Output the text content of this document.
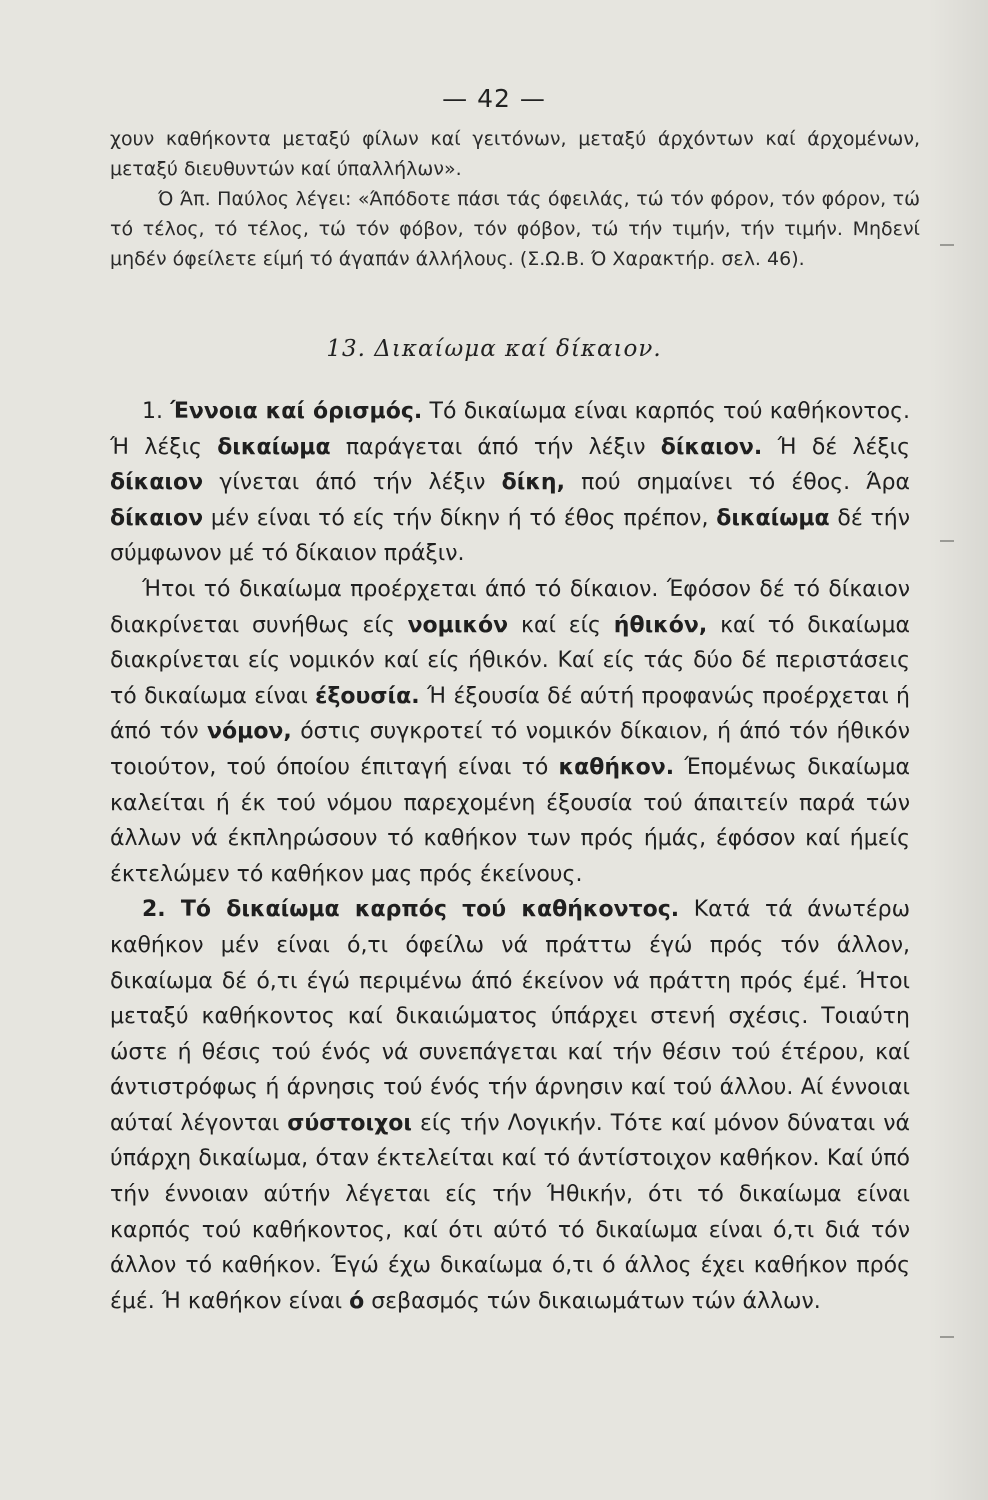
— 42 —

χουν καθήκοντα μεταξύ φίλων καί γειτόνων, μεταξύ άρχόντων καί άρχομένων, μεταξύ διευθυντών καί ύπαλλήλων».

Ό Άπ. Παύλος λέγει: «Άπόδοτε πάσι τάς όφειλάς, τώ τόν φόρον, τόν φόρον, τώ τό τέλος, τό τέλος, τώ τόν φόβον, τόν φόβον, τώ τήν τιμήν, τήν τιμήν. Μηδενί μηδέν όφείλετε είμή τό άγαπάν άλλήλους. (Σ.Ω.Β. Ό Χαρακτήρ. σελ. 46).

13. Δικαίωμα καί δίκαιον.

1. Έννοια καί όρισμός. Τό δικαίωμα είναι καρπός τού καθήκοντος. Ή λέξις δικαίωμα παράγεται άπό τήν λέξιν δίκαιον. Ή δέ λέξις δίκαιον γίνεται άπό τήν λέξιν δίκη, πού σημαίνει τό έθος. Άρα δίκαιον μέν είναι τό είς τήν δίκην ή τό έθος πρέπον, δικαίωμα δέ τήν σύμφωνον μέ τό δίκαιον πράξιν.

Ήτοι τό δικαίωμα προέρχεται άπό τό δίκαιον. Έφόσον δέ τό δίκαιον διακρίνεται συνήθως είς νομικόν καί είς ήθικόν, καί τό δικαίωμα διακρίνεται είς νομικόν καί είς ήθικόν. Καί είς τάς δύο δέ περιστάσεις τό δικαίωμα είναι έξουσία. Ή έξουσία δέ αύτή προφανώς προέρχεται ή άπό τόν νόμον, όστις συγκροτεί τό νομικόν δίκαιον, ή άπό τόν ήθικόν τοιούτον, τού όποίου έπιταγή είναι τό καθήκον. Έπομένως δικαίωμα καλείται ή έκ τού νόμου παρεχομένη έξουσία τού άπαιτείν παρά τών άλλων νά έκπληρώσουν τό καθήκον των πρός ήμάς, έφόσον καί ήμείς έκτελώμεν τό καθήκον μας πρός έκείνους.

2. Τό δικαίωμα καρπός τού καθήκοντος. Κατά τά άνωτέρω καθήκον μέν είναι ό,τι όφείλω νά πράττω έγώ πρός τόν άλλον, δικαίωμα δέ ό,τι έγώ περιμένω άπό έκείνον νά πράττη πρός έμέ. Ήτοι μεταξύ καθήκοντος καί δικαιώματος ύπάρχει στενή σχέσις. Τοιαύτη ώστε ή θέσις τού ένός νά συνεπάγεται καί τήν θέσιν τού έτέρου, καί άντιστρόφως ή άρνησις τού ένός τήν άρνησιν καί τού άλλου. Αί έννοιαι αύταί λέγονται σύστοιχοι είς τήν Λογικήν. Τότε καί μόνον δύναται νά ύπάρχη δικαίωμα, όταν έκτελείται καί τό άντίστοιχον καθήκον. Καί ύπό τήν έννοιαν αύτήν λέγεται είς τήν Ήθικήν, ότι τό δικαίωμα είναι καρπός τού καθήκοντος, καί ότι αύτό τό δικαίωμα είναι ό,τι διά τόν άλλον τό καθήκον. Έγώ έχω δικαίωμα ό,τι ό άλλος έχει καθήκον πρός έμέ. Ή καθήκον είναι ό σεβασμός τών δικαιωμάτων τών άλλων.
